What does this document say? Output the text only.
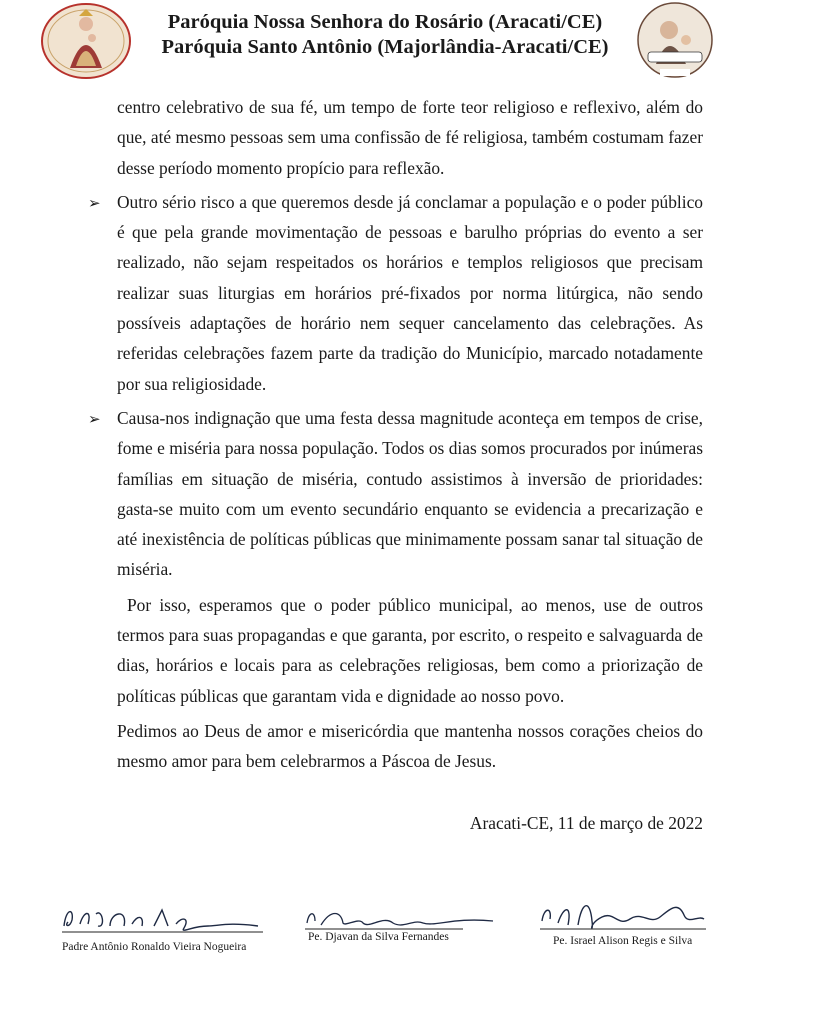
Paróquia Nossa Senhora do Rosário (Aracati/CE)
Paróquia Santo Antônio (Majorlândia-Aracati/CE)

centro celebrativo de sua fé, um tempo de forte teor religioso e reflexivo, além do que, até mesmo pessoas sem uma confissão de fé religiosa, também costumam fazer desse período momento propício para reflexão.

➢ Outro sério risco a que queremos desde já conclamar a população e o poder público é que pela grande movimentação de pessoas e barulho próprias do evento a ser realizado, não sejam respeitados os horários e templos religiosos que precisam realizar suas liturgias em horários pré-fixados por norma litúrgica, não sendo possíveis adaptações de horário nem sequer cancelamento das celebrações. As referidas celebrações fazem parte da tradição do Município, marcado notadamente por sua religiosidade.

➢ Causa-nos indignação que uma festa dessa magnitude aconteça em tempos de crise, fome e miséria para nossa população. Todos os dias somos procurados por inúmeras famílias em situação de miséria, contudo assistimos à inversão de prioridades: gasta-se muito com um evento secundário enquanto se evidencia a precarização e até inexistência de políticas públicas que minimamente possam sanar tal situação de miséria.

Por isso, esperamos que o poder público municipal, ao menos, use de outros termos para suas propagandas e que garanta, por escrito, o respeito e salvaguarda de dias, horários e locais para as celebrações religiosas, bem como a priorização de políticas públicas que garantam vida e dignidade ao nosso povo.

Pedimos ao Deus de amor e misericórdia que mantenha nossos corações cheios do mesmo amor para bem celebrarmos a Páscoa de Jesus.

Aracati-CE, 11 de março de 2022
Padre Antônio Ronaldo Vieira Nogueira
Pe. Djavan da Silva Fernandes	Pe. Israel Alison Regis e Silva
